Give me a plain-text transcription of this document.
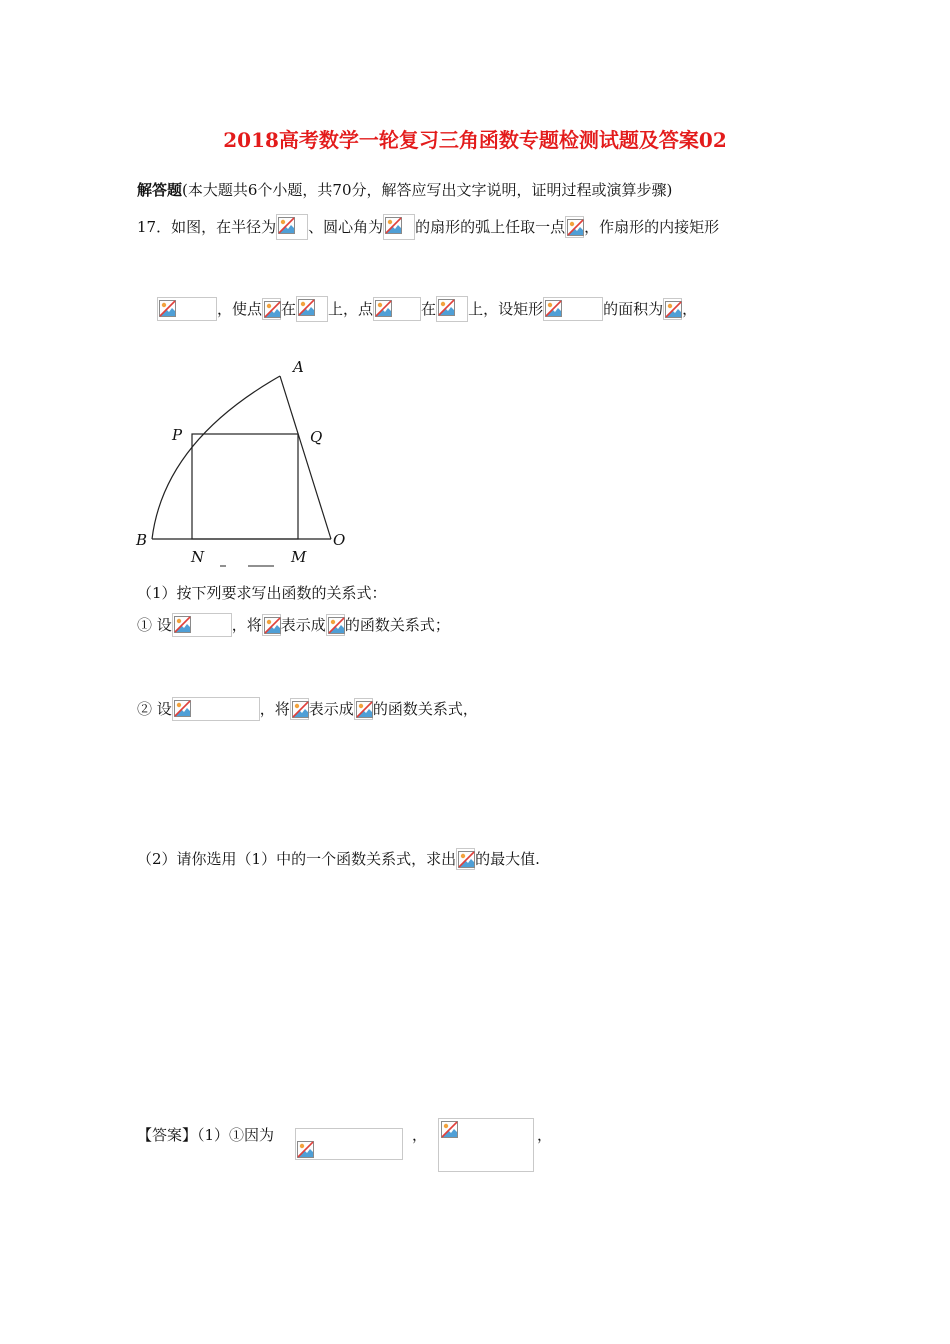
2018高考数学一轮复习三角函数专题检测试题及答案02
解答题(本大题共6个小题，共70分，解答应写出文字说明，证明过程或演算步骤)
17．如图，在半径为 、圆心角为 的扇形的弧上任取一点 ，作扇形的内接矩形
，使点 在 上，点	在 上，设矩形	的面积为 ，
A
P	Q
B
N	M
O
（1）按下列要求写出函数的关系式：
① 设	，将 表示成 的函数关系式；
② 设	，将 表示成 的函数关系式，
（2）请你选用（1）中的一个函数关系式，求出 的最大值.
【答案】（1）①因为	，	，
